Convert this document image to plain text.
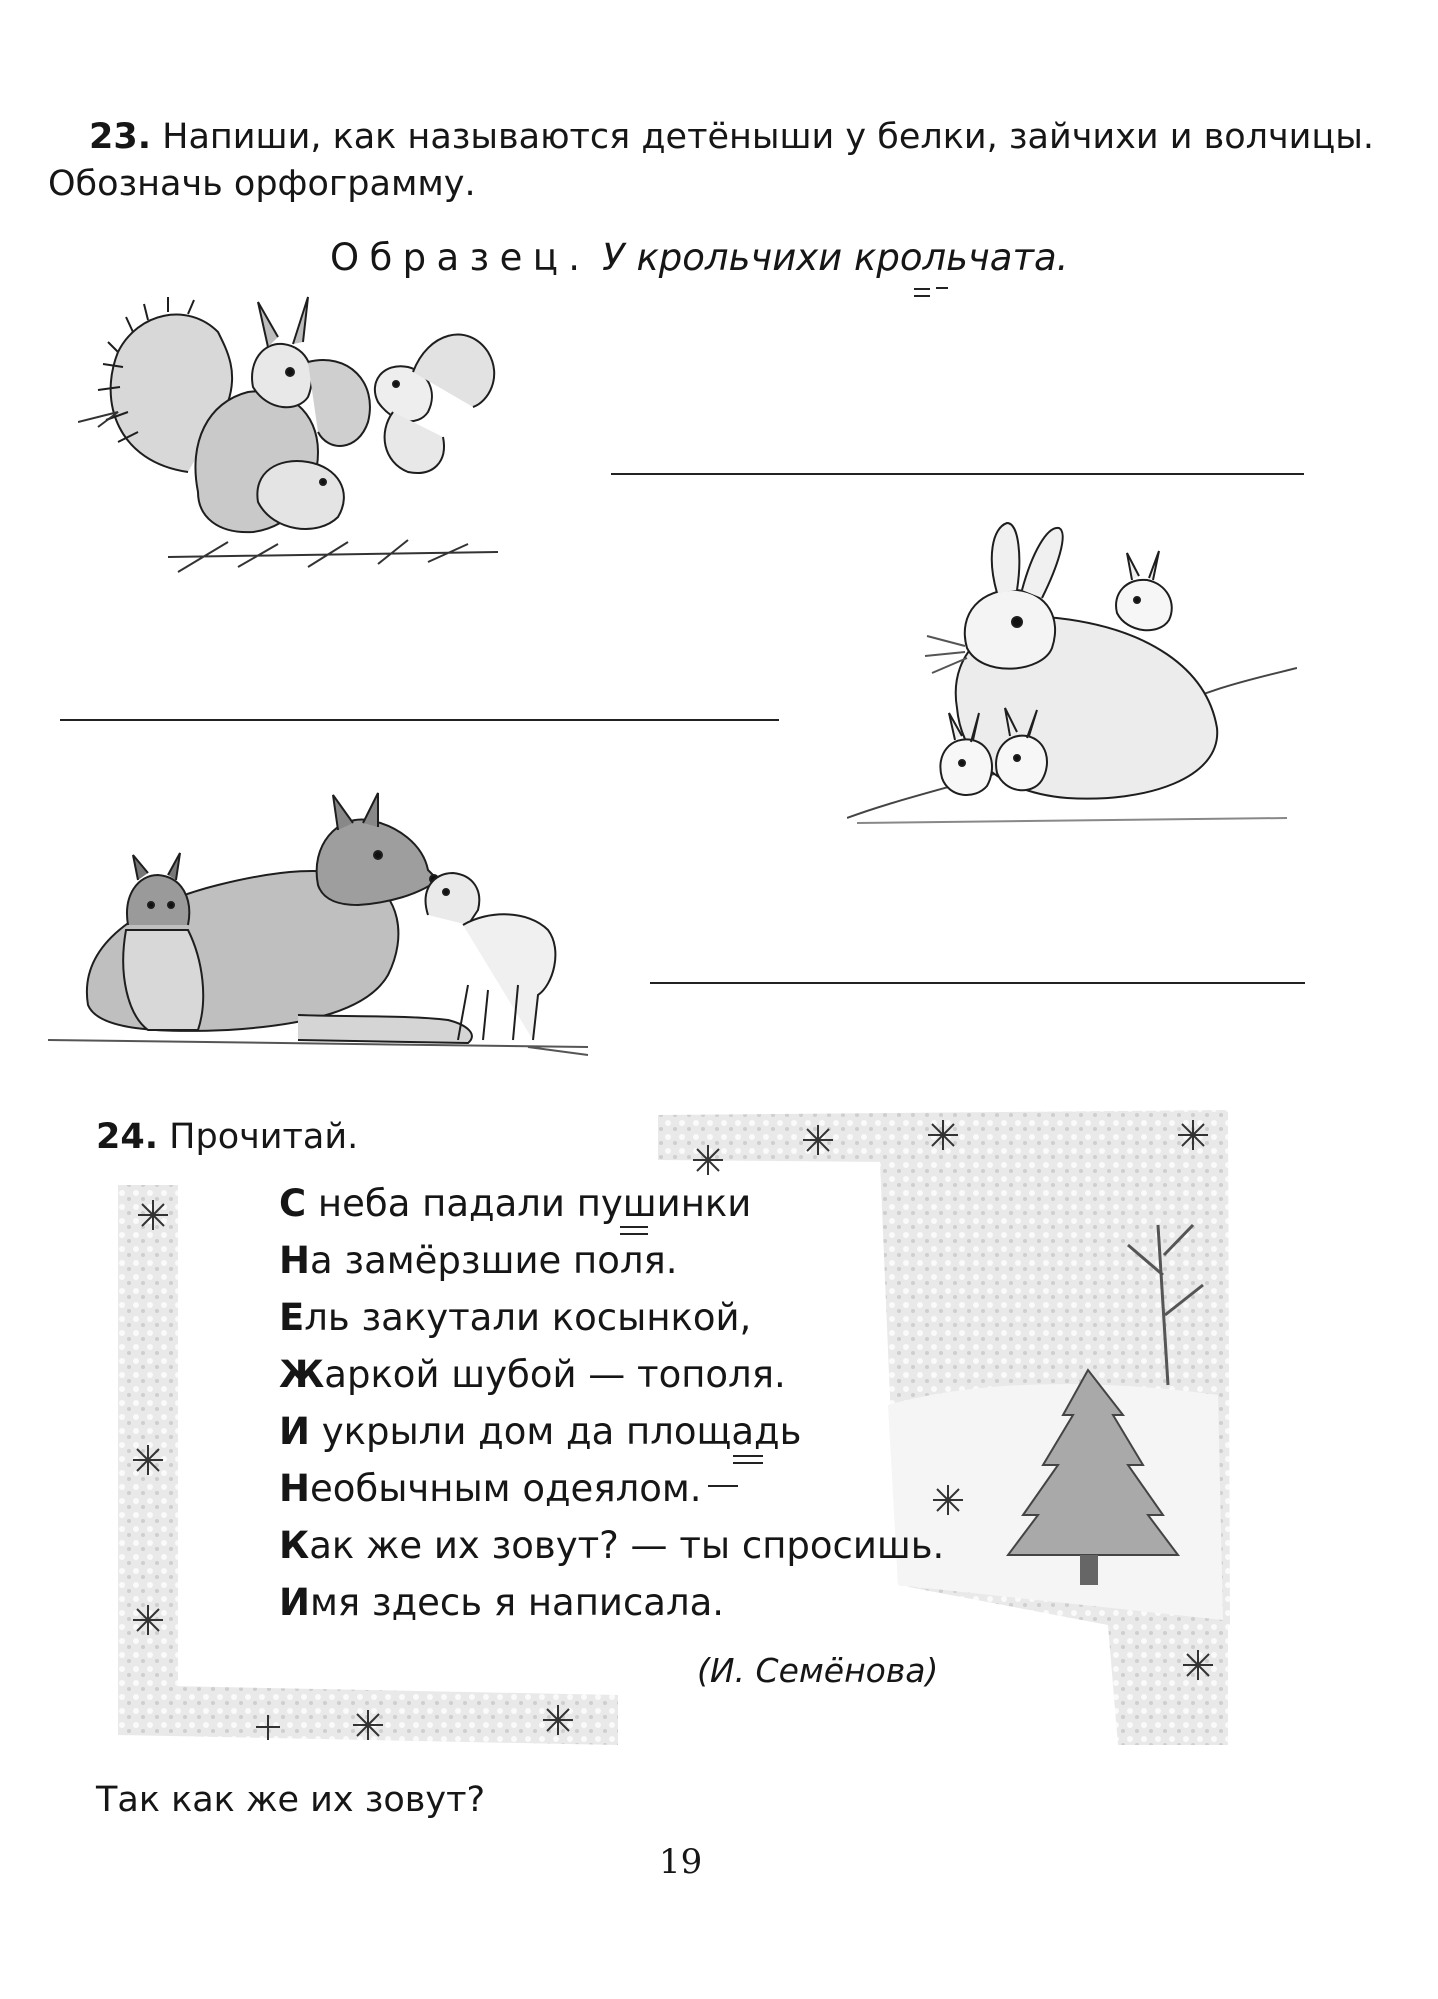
23. Напиши, как называются детёныши у белки, зайчихи и волчицы.
Обозначь орфограмму.
Образец. У крольчихи крольчата.
24. Прочитай.
С неба падали пушинки
На замёрзшие поля.
Ель закутали косынкой,
Жаркой шубой — тополя.
И укрыли дом да площадь
Необычным одеялом.
Как же их зовут? — ты спросишь.
Имя здесь я написала.
(И. Семёнова)
Так как же их зовут?
19
